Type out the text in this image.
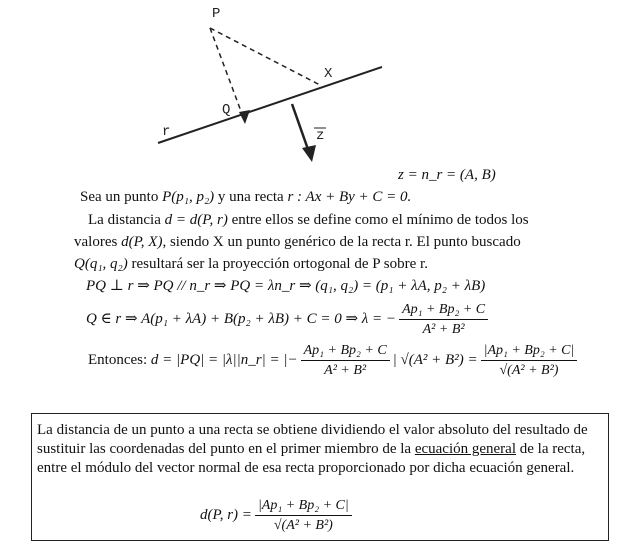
P
X
Q
r	z
z = n_r = (A, B)
Sea un punto P(p₁, p₂) y una recta r : Ax + By + C = 0.
La distancia d = d(P, r) entre ellos se define como el mínimo de todos los
valores d(P, X), siendo X un punto genérico de la recta r. El punto buscado
Q(q₁, q₂) resultará ser la proyección ortogonal de P sobre r.
PQ ⊥ r ⇒ PQ // n_r ⇒ PQ = λn_r ⇒ (q₁, q₂) = (p₁ + λA, p₂ + λB)
Q ∈ r ⇒ A(p₁ + λA) + B(p₂ + λB) + C = 0 ⇒ λ = − $\frac{\text{Ap₁ + Bp₂ + C}}{\text{A² + B²}}$
Entonces: d = |PQ| = |λ||n_r| = |− $\frac{\text{Ap₁ + Bp₂ + C}}{\text{A² + B²}}$ | $√(A^2 + B^2) = \frac{\text{|Ap₁ + Bp₂ + C|}}{\text{√(A² + B²)}}$
La distancia de un punto a una recta se obtiene dividiendo el valor absoluto del resultado de sustituir las coordenadas del punto en el primer miembro de la ecuación general de la recta, entre el módulo del vector normal de esa recta proporcionado por dicha ecuación general.
d(P, $r) = \frac{\text{|Ap₁ + Bp₂ + C|}}{\text{√(A² + B²)}}$
